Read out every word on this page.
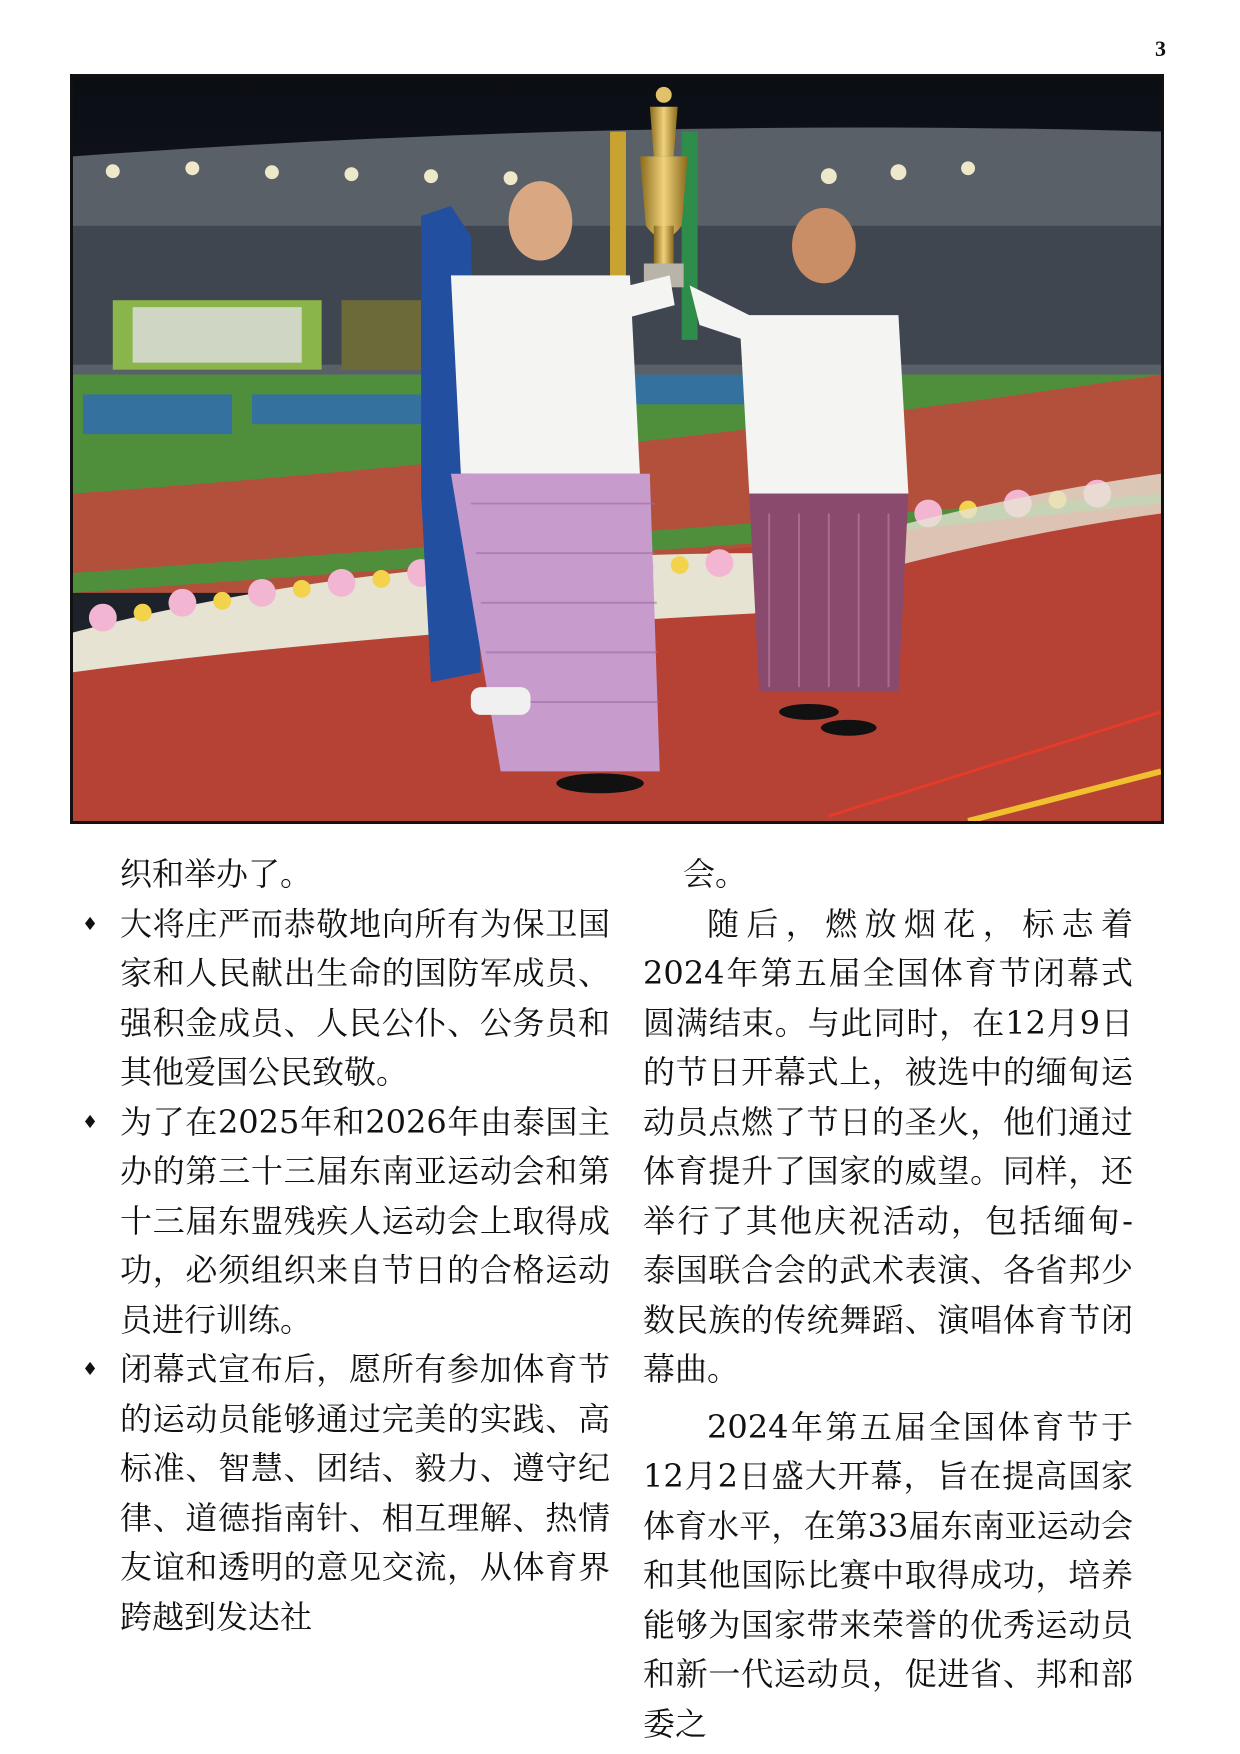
3

织和举办了。

♦ 大将庄严而恭敬地向所有为保卫国家和人民献出生命的国防军成员、强积金成员、人民公仆、公务员和其他爱国公民致敬。
♦ 为了在2025年和2026年由泰国主办的第三十三届东南亚运动会和第十三届东盟残疾人运动会上取得成功，必须组织来自节日的合格运动员进行训练。
♦ 闭幕式宣布后，愿所有参加体育节的运动员能够通过完美的实践、高标准、智慧、团结、毅力、遵守纪律、道德指南针、相互理解、热情友谊和透明的意见交流，从体育界跨越到发达社

会。

随后，燃放烟花，标志着2024年第五届全国体育节闭幕式圆满结束。与此同时，在12月9日的节日开幕式上，被选中的缅甸运动员点燃了节日的圣火，他们通过体育提升了国家的威望。同样，还举行了其他庆祝活动，包括缅甸-泰国联合会的武术表演、各省邦少数民族的传统舞蹈、演唱体育节闭幕曲。

2024年第五届全国体育节于12月2日盛大开幕，旨在提高国家体育水平，在第33届东南亚运动会和其他国际比赛中取得成功，培养能够为国家带来荣誉的优秀运动员和新一代运动员，促进省、邦和部委之
